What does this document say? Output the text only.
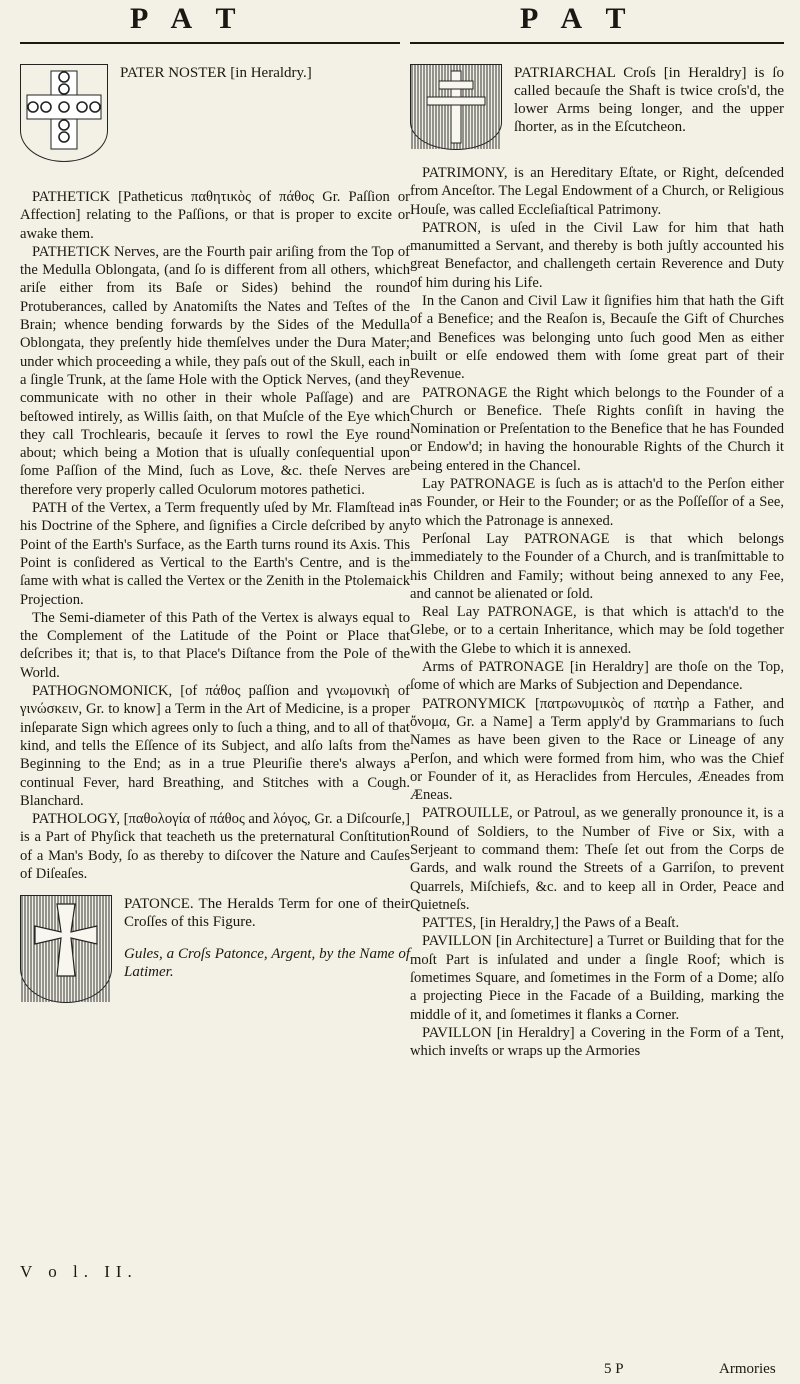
P A T	P A T
PATER NOSTER [in Heraldry.]

PATHETICK [Patheticus παθητικὸς of πάθος Gr. Paſſion or Affection] relating to the Paſſions, or that is proper to excite or awake them.

PATHETICK Nerves, are the Fourth pair ariſing from the Top of the Medulla Oblongata, (and ſo is different from all others, which ariſe either from its Baſe or Sides) behind the round Protuberances, called by Anatomiſts the Nates and Teſtes of the Brain; whence bending forwards by the Sides of the Medulla Oblongata, they preſently hide themſelves under the Dura Mater; under which proceeding a while, they paſs out of the Skull, each in a ſingle Trunk, at the ſame Hole with the Optick Nerves, (and they communicate with no other in their whole Paſſage) and are beſtowed intirely, as Willis ſaith, on that Muſcle of the Eye which they call Trochlearis, becauſe it ſerves to rowl the Eye round about; which being a Motion that is uſually conſequential upon ſome Paſſion of the Mind, ſuch as Love, &c. theſe Nerves are therefore very properly called Oculorum motores pathetici.

PATH of the Vertex, a Term frequently uſed by Mr. Flamſtead in his Doctrine of the Sphere, and ſignifies a Circle deſcribed by any Point of the Earth's Surface, as the Earth turns round its Axis. This Point is conſidered as Vertical to the Earth's Centre, and is the ſame with what is called the Vertex or the Zenith in the Ptolemaick Projection.

The Semi-diameter of this Path of the Vertex is always equal to the Complement of the Latitude of the Point or Place that deſcribes it; that is, to that Place's Diſtance from the Pole of the World.

PATHOGNOMONICK, [of πάθος paſſion and γνωμονικὴ of γινώσκειν, Gr. to know] a Term in the Art of Medicine, is a proper inſeparate Sign which agrees only to ſuch a thing, and to all of that kind, and tells the Eſſence of its Subject, and alſo laſts from the Beginning to the End; as in a true Pleuriſie there's always a continual Fever, hard Breathing, and Stitches with a Cough. Blanchard.

PATHOLOGY, [παθολογία of πάθος and λόγος, Gr. a Diſcourſe,] is a Part of Phyſick that teacheth us the preternatural Conſtitution of a Man's Body, ſo as thereby to diſcover the Nature and Cauſes of Diſeaſes.

PATONCE. The Heralds Term for one of their Croſſes of this Figure.
Gules, a Croſs Patonce, Argent, by the Name of Latimer.
V o l. II.
PATRIARCHAL Croſs [in Heraldry] is ſo called becauſe the Shaft is twice croſs'd, the lower Arms being longer, and the upper ſhorter, as in the Eſcutcheon.

PATRIMONY, is an Hereditary Eſtate, or Right, deſcended from Anceſtor. The Legal Endowment of a Church, or Religious Houſe, was called Eccleſiaſtical Patrimony.

PATRON, is uſed in the Civil Law for him that hath manumitted a Servant, and thereby is both juſtly accounted his great Benefactor, and challengeth certain Reverence and Duty of him during his Life.

In the Canon and Civil Law it ſignifies him that hath the Gift of a Benefice; and the Reaſon is, Becauſe the Gift of Churches and Benefices was belonging unto ſuch good Men as either built or elſe endowed them with ſome great part of their Revenue.

PATRONAGE the Right which belongs to the Founder of a Church or Benefice. Theſe Rights conſiſt in having the Nomination or Preſentation to the Benefice that he has Founded or Endow'd; in having the honourable Rights of the Church it being entered in the Chancel.

Lay PATRONAGE is ſuch as is attach'd to the Perſon either as Founder, or Heir to the Founder; or as the Poſſeſſor of a See, to which the Patronage is annexed.

Perſonal Lay PATRONAGE is that which belongs immediately to the Founder of a Church, and is tranſmittable to his Children and Family; without being annexed to any Fee, and cannot be alienated or ſold.

Real Lay PATRONAGE, is that which is attach'd to the Glebe, or to a certain Inheritance, which may be ſold together with the Glebe to which it is annexed.

Arms of PATRONAGE [in Heraldry] are thoſe on the Top, ſome of which are Marks of Subjection and Dependance.

PATRONYMICK [πατρωνυμικὸς of πατὴρ a Father, and ὄνομα, Gr. a Name] a Term apply'd by Grammarians to ſuch Names as have been given to the Race or Lineage of any Perſon, and which were formed from him, who was the Chief or Founder of it, as Heraclides from Hercules, Æneades from Æneas.

PATROUILLE, or Patroul, as we generally pronounce it, is a Round of Soldiers, to the Number of Five or Six, with a Serjeant to command them: Theſe ſet out from the Corps de Gards, and walk round the Streets of a Garriſon, to prevent Quarrels, Miſchiefs, &c. and to keep all in Order, Peace and Quietneſs.

PATTES, [in Heraldry,] the Paws of a Beaſt.

PAVILLON [in Architecture] a Turret or Building that for the moſt Part is inſulated and under a ſingle Roof; which is ſometimes Square, and ſometimes in the Form of a Dome; alſo a projecting Piece in the Facade of a Building, marking the middle of it, and ſometimes it flanks a Corner.

PAVILLON [in Heraldry] a Covering in the Form of a Tent, which inveſts or wraps up the Armories

5 P	Armories
